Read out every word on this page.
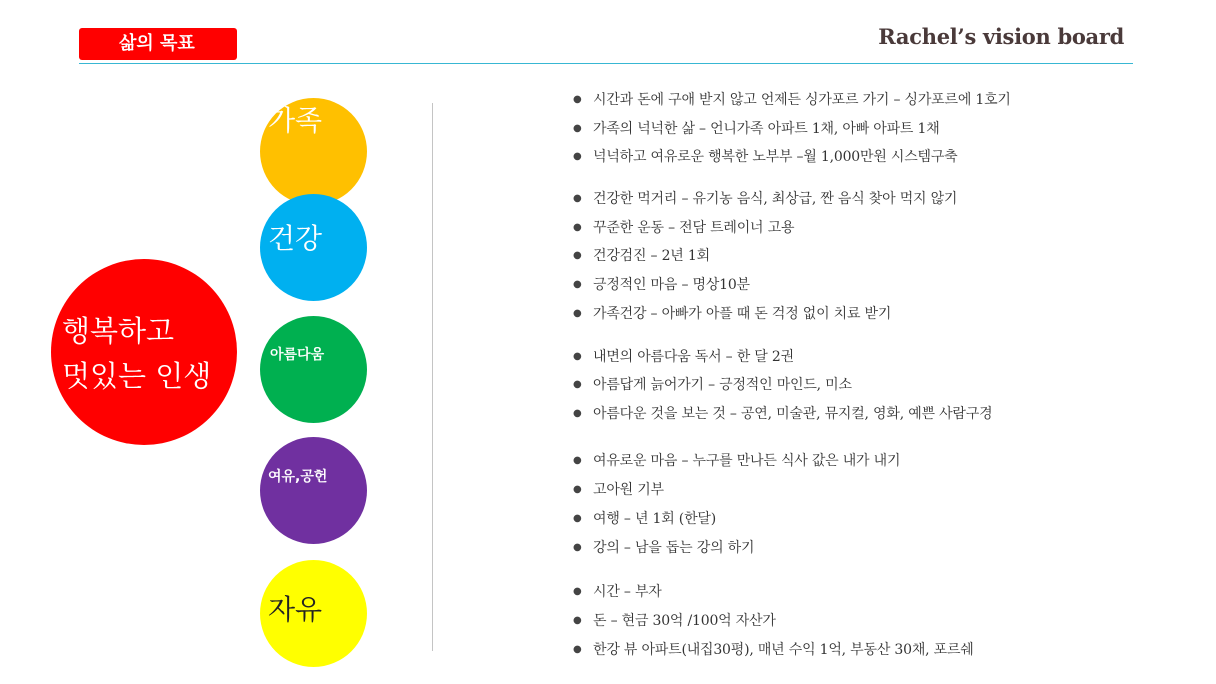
삶의 목표	Rachel’s vision board
행복하고
멋있는 인생
가족
건강
아름다움
여유,공헌
자유
● 시간과 돈에 구애 받지 않고 언제든 싱가포르 가기 – 싱가포르에 1호기
● 가족의 넉넉한 삶 – 언니가족 아파트 1채, 아빠 아파트 1채
● 넉넉하고 여유로운 행복한 노부부 –월 1,000만원 시스템구축
● 건강한 먹거리 – 유기농 음식, 최상급, 짠 음식 찾아 먹지 않기
● 꾸준한 운동 – 전담 트레이너 고용
● 건강검진 – 2년 1회
● 긍정적인 마음 – 명상10분
● 가족건강 – 아빠가 아플 때 돈 걱정 없이 치료 받기
● 내면의 아름다움 독서 – 한 달 2권
● 아름답게 늙어가기 – 긍정적인 마인드, 미소
● 아름다운 것을 보는 것 – 공연, 미술관, 뮤지컬, 영화, 예쁜 사람구경
● 여유로운 마음 – 누구를 만나든 식사 값은 내가 내기
● 고아원 기부
● 여행 – 년 1회 (한달)
● 강의 – 남을 돕는 강의 하기
● 시간 – 부자
● 돈 – 현금 30억 /100억 자산가
● 한강 뷰 아파트(내집30평), 매년 수익 1억, 부동산 30채, 포르쉐
